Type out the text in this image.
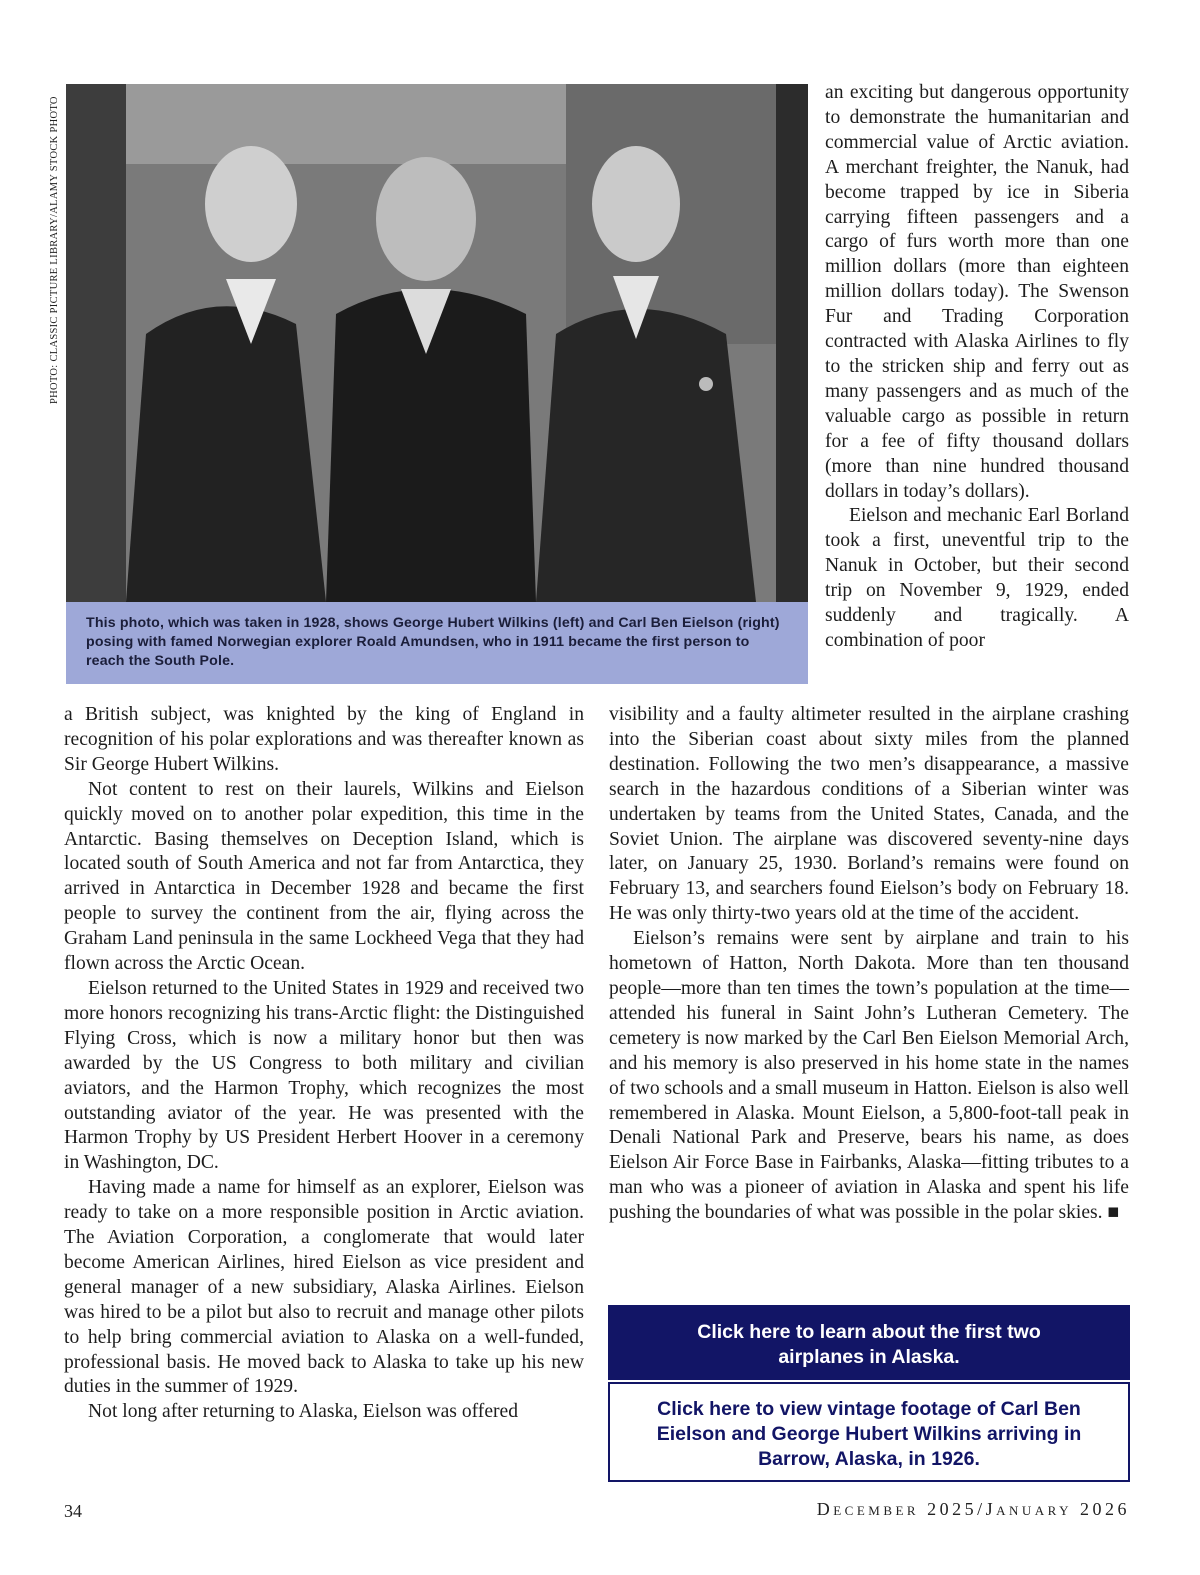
PHOTO: CLASSIC PICTURE LIBRARY/ALAMY STOCK PHOTO
This photo, which was taken in 1928, shows George Hubert Wilkins (left) and Carl Ben Eielson (right) posing with famed Norwegian explorer Roald Amundsen, who in 1911 became the first person to reach the South Pole.

an exciting but dangerous opportunity to demonstrate the humanitarian and commercial value of Arctic aviation. A merchant freighter, the Nanuk, had become trapped by ice in Siberia carrying fifteen passengers and a cargo of furs worth more than one million dollars (more than eighteen million dollars today). The Swenson Fur and Trading Corporation contracted with Alaska Airlines to fly to the stricken ship and ferry out as many passengers and as much of the valuable cargo as possible in return for a fee of fifty thousand dollars (more than nine hundred thousand dollars in today’s dollars).

Eielson and mechanic Earl Borland took a first, uneventful trip to the Nanuk in October, but their second trip on November 9, 1929, ended suddenly and tragically. A combination of poor

a British subject, was knighted by the king of England in recognition of his polar explorations and was thereafter known as Sir George Hubert Wilkins.

Not content to rest on their laurels, Wilkins and Eielson quickly moved on to another polar expedition, this time in the Antarctic. Basing themselves on Deception Island, which is located south of South America and not far from Antarctica, they arrived in Antarctica in December 1928 and became the first people to survey the continent from the air, flying across the Graham Land peninsula in the same Lockheed Vega that they had flown across the Arctic Ocean.

Eielson returned to the United States in 1929 and received two more honors recognizing his trans-Arctic flight: the Distinguished Flying Cross, which is now a military honor but then was awarded by the US Congress to both military and civilian aviators, and the Harmon Trophy, which recognizes the most outstanding aviator of the year. He was presented with the Harmon Trophy by US President Herbert Hoover in a ceremony in Washington, DC.

Having made a name for himself as an explorer, Eielson was ready to take on a more responsible position in Arctic aviation. The Aviation Corporation, a conglomerate that would later become American Airlines, hired Eielson as vice president and general manager of a new subsidiary, Alaska Airlines. Eielson was hired to be a pilot but also to recruit and manage other pilots to help bring commercial aviation to Alaska on a well-funded, professional basis. He moved back to Alaska to take up his new duties in the summer of 1929.

Not long after returning to Alaska, Eielson was offered

visibility and a faulty altimeter resulted in the airplane crashing into the Siberian coast about sixty miles from the planned destination. Following the two men’s disappearance, a massive search in the hazardous conditions of a Siberian winter was undertaken by teams from the United States, Canada, and the Soviet Union. The airplane was discovered seventy-nine days later, on January 25, 1930. Borland’s remains were found on February 13, and searchers found Eielson’s body on February 18. He was only thirty-two years old at the time of the accident.

Eielson’s remains were sent by airplane and train to his hometown of Hatton, North Dakota. More than ten thousand people—more than ten times the town’s population at the time—attended his funeral in Saint John’s Lutheran Cemetery. The cemetery is now marked by the Carl Ben Eielson Memorial Arch, and his memory is also preserved in his home state in the names of two schools and a small museum in Hatton. Eielson is also well remembered in Alaska. Mount Eielson, a 5,800-foot-tall peak in Denali National Park and Preserve, bears his name, as does Eielson Air Force Base in Fairbanks, Alaska—fitting tributes to a man who was a pioneer of aviation in Alaska and spent his life pushing the boundaries of what was possible in the polar skies. ■

Click here to learn about the first two
airplanes in Alaska.
Click here to view vintage footage of Carl Ben
Eielson and George Hubert Wilkins arriving in
Barrow, Alaska, in 1926.
34	December 2025/January 2026
